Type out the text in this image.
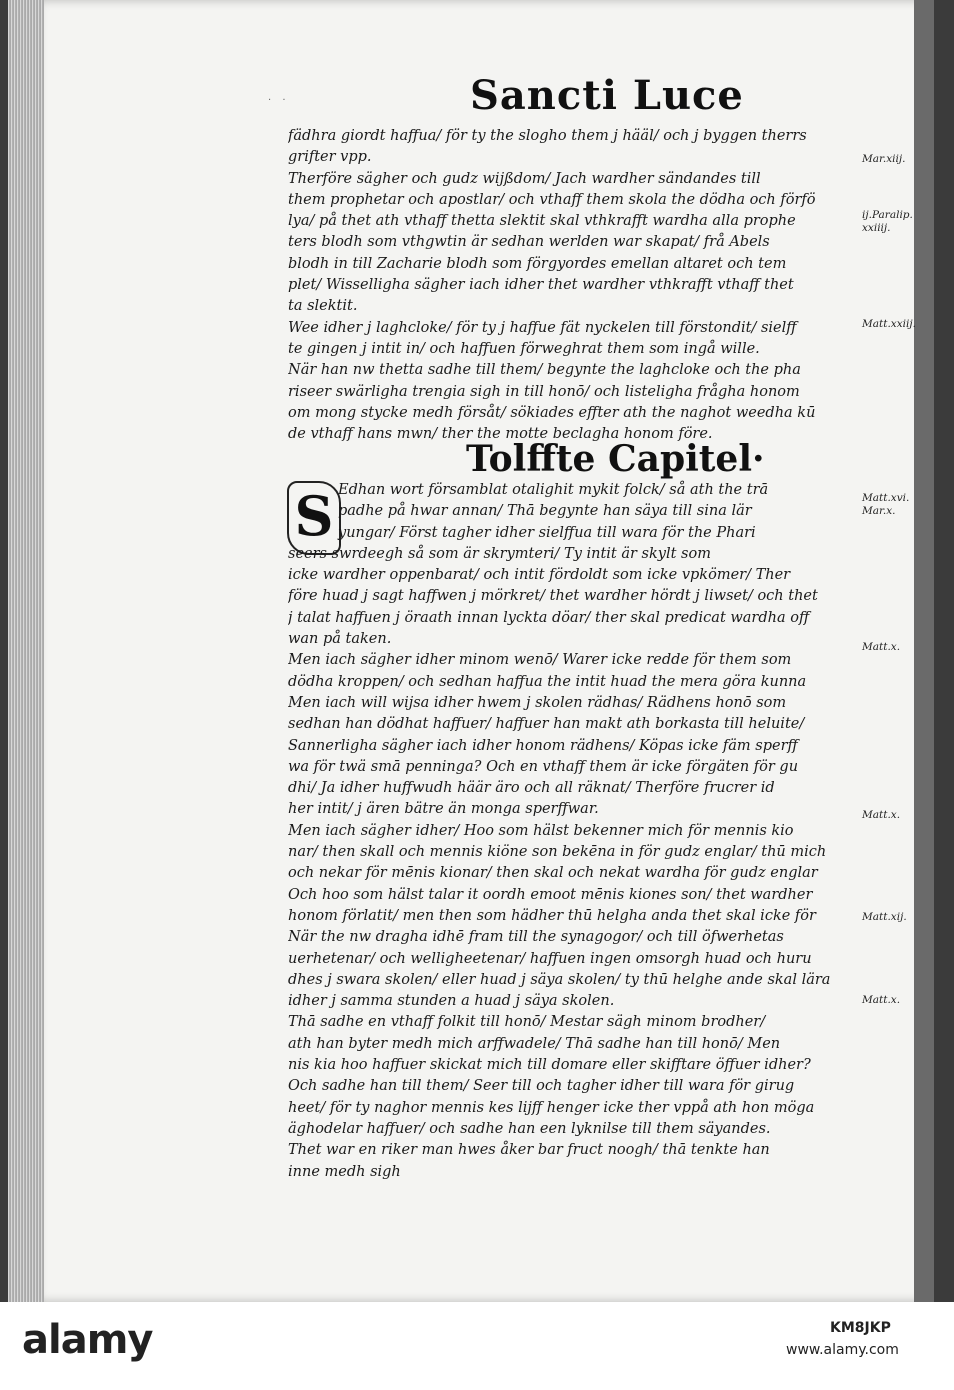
· ·	Sancti Luce
fädhra giordt haffua/ för ty the slogho them j hääl/ och j byggen therrs
grifter vpp.
Therföre sägher och gudz wijßdom/ Jach wardher sändandes till
them prophetar och apostlar/ och vthaff them skola the dödha och förfö
lya/ på thet ath vthaff thetta slektit skal vthkrafft wardha alla prophe
ters blodh som vthgwtin är sedhan werlden war skapat/ frå Abels
blodh in till Zacharie blodh som förgyordes emellan altaret och tem
plet/ Wisselligha sägher iach idher thet wardher vthkrafft vthaff thet
ta slektit.
Wee idher j laghcloke/ för ty j haffue fät nyckelen till förstondit/ sielff
te gingen j intit in/ och haffuen förweghrat them som ingå wille.
När han nw thetta sadhe till them/ begynte the laghcloke och the pha
riseer swärligha trengia sigh in till honō/ och listeligha frågha honom
om mong stycke medh försåt/ sökiades effter ath the naghot weedha kū
de vthaff hans mwn/ ther the motte beclagha honom före.
Tolffte Capitel·
S Edhan wort församblat otalighit mykit folck/ så ath the trā
padhe på hwar annan/ Thā begynte han säya till sina lär
yungar/ Först tagher idher sielffua till wara för the Phari
seers swrdeegh så som är skrymteri/ Ty intit är skylt som
icke wardher oppenbarat/ och intit fördoldt som icke vpkömer/ Ther
före huad j sagt haffwen j mörkret/ thet wardher hördt j liwset/ och thet
j talat haffuen j öraath innan lyckta döar/ ther skal predicat wardha off
wan på taken.
Men iach sägher idher minom wenō/ Warer icke redde för them som
dödha kroppen/ och sedhan haffua the intit huad the mera göra kunna
Men iach will wijsa idher hwem j skolen rädhas/ Rädhens honō som
sedhan han dödhat haffuer/ haffuer han makt ath borkasta till heluite/
Sannerligha sägher iach idher honom rädhens/ Köpas icke fäm sperff
wa för twä smā penninga? Och en vthaff them är icke förgäten för gu
dhi/ Ja idher huffwudh häär äro och all räknat/ Therföre frucrer id
her intit/ j ären bätre än monga sperffwar.
Men iach sägher idher/ Hoo som hälst bekenner mich för mennis kio
nar/ then skall och mennis kiöne son bekēna in för gudz englar/ thū mich
och nekar för mēnis kionar/ then skal och nekat wardha för gudz englar
Och hoo som hälst talar it oordh emoot mēnis kiones son/ thet wardher
honom förlatit/ men then som hädher thū helgha anda thet skal icke för
När the nw dragha idhē fram till the synagogor/ och till öfwerhetas
uerhetenar/ och welligheetenar/ haffuen ingen omsorgh huad och huru
dhes j swara skolen/ eller huad j säya skolen/ ty thū helghe ande skal lära
idher j samma stunden a huad j säya skolen.
Thā sadhe en vthaff folkit till honō/ Mestar sägh minom brodher/
ath han byter medh mich arffwadele/ Thā sadhe han till honō/ Men
nis kia hoo haffuer skickat mich till domare eller skifftare öffuer idher?
Och sadhe han till them/ Seer till och tagher idher till wara för girug
heet/ för ty naghor mennis kes lijff henger icke ther vppå ath hon möga
äghodelar haffuer/ och sadhe han een lyknilse till them säyandes.
Thet war en riker man hwes åker bar fruct noogh/ thā tenkte han
inne medh sigh
Mar.xiij.
ij.Paralip.
xxiiij.
Matt.xxiij.
Matt.xvi.
Mar.x.
Matt.x.
Matt.x.
Matt.xij.
Matt.x.
alamy	KM8JKP
www.alamy.com
